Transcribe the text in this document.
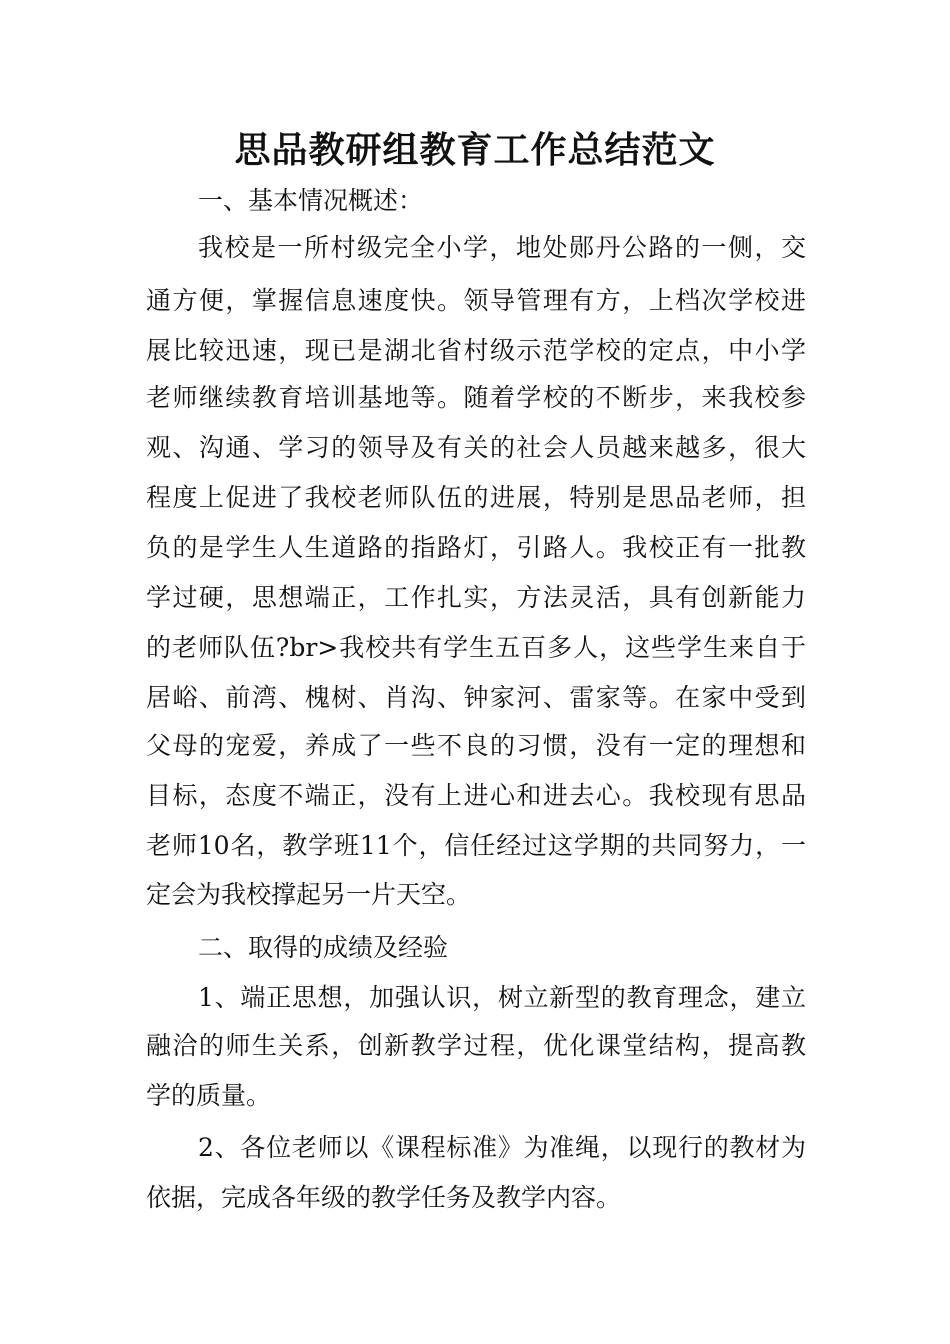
思品教研组教育工作总结范文
一、基本情况概述：
我校是一所村级完全小学，地处郧丹公路的一侧，交
通方便，掌握信息速度快。领导管理有方，上档次学校进
展比较迅速，现已是湖北省村级示范学校的定点，中小学
老师继续教育培训基地等。随着学校的不断步，来我校参
观、沟通、学习的领导及有关的社会人员越来越多，很大
程度上促进了我校老师队伍的进展，特别是思品老师，担
负的是学生人生道路的指路灯，引路人。我校正有一批教
学过硬，思想端正，工作扎实，方法灵活，具有创新能力
的老师队伍?br>我校共有学生五百多人，这些学生来自于
居峪、前湾、槐树、肖沟、钟家河、雷家等。在家中受到
父母的宠爱，养成了一些不良的习惯，没有一定的理想和
目标，态度不端正，没有上进心和进去心。我校现有思品
老师10名，教学班11个，信任经过这学期的共同努力，一
定会为我校撑起另一片天空。
二、取得的成绩及经验
1、端正思想，加强认识，树立新型的教育理念，建立
融洽的师生关系，创新教学过程，优化课堂结构，提高教
学的质量。
2、各位老师以《课程标准》为准绳，以现行的教材为
依据，完成各年级的教学任务及教学内容。
